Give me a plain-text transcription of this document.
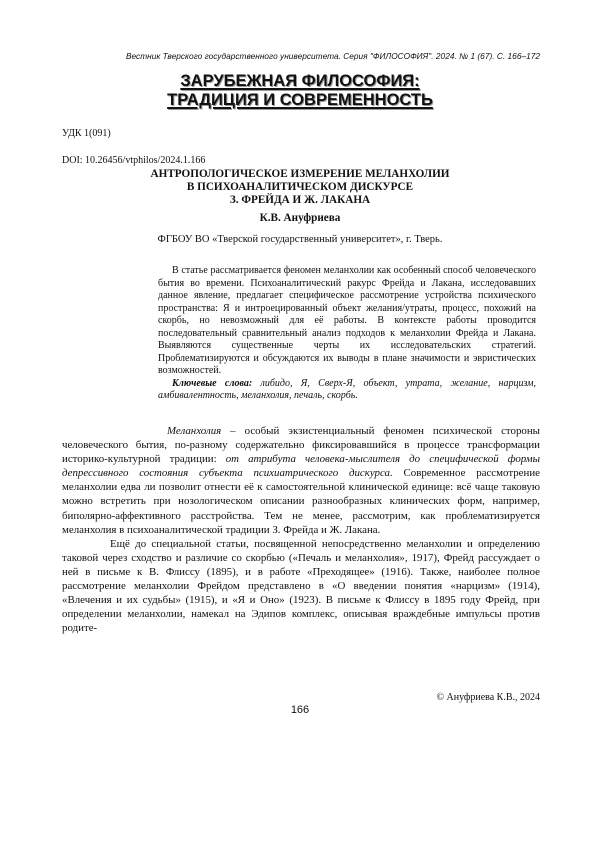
Вестник Тверского государственного университета. Серия "ФИЛОСОФИЯ". 2024. № 1 (67). С. 166–172
ЗАРУБЕЖНАЯ ФИЛОСОФИЯ:
ТРАДИЦИЯ И СОВРЕМЕННОСТЬ
УДК 1(091)
DOI: 10.26456/vtphilos/2024.1.166
АНТРОПОЛОГИЧЕСКОЕ ИЗМЕРЕНИЕ МЕЛАНХОЛИИ
В ПСИХОАНАЛИТИЧЕСКОМ ДИСКУРСЕ
З. ФРЕЙДА И Ж. ЛАКАНА
К.В. Ануфриева
ФГБОУ ВО «Тверской государственный университет», г. Тверь.

В статье рассматривается феномен меланхолии как особенный способ человеческого бытия во времени. Психоаналитический ракурс Фрейда и Лакана, исследовавших данное явление, предлагает специфическое рассмотрение устройства психического пространства: Я и интроецированный объект желания/утраты, процесс, похожий на скорбь, но невозможный для её работы. В контексте работы проводится последовательный сравнительный анализ подходов к меланхолии Фрейда и Лакана. Выявляются существенные черты их исследовательских стратегий. Проблематизируются и обсуждаются их выводы в плане значимости и эвристических возможностей.

Ключевые слова: либидо, Я, Сверх-Я, объект, утрата, желание, нарцизм, амбивалентность, меланхолия, печаль, скорбь.

Меланхолия – особый экзистенциальный феномен психической стороны человеческого бытия, по-разному содержательно фиксировавшийся в процессе трансформации историко-культурной традиции: от атрибута человека-мыслителя до специфической формы депрессивного состояния субъекта психиатрического дискурса. Современное рассмотрение меланхолии едва ли позволит отнести её к самостоятельной клинической единице: всё чаще таковую можно встретить при нозологическом описании разнообразных клинических форм, например, биполярно-аффективного расстройства. Тем не менее, рассмотрим, как проблематизируется меланхолия в психоаналитической традиции З. Фрейда и Ж. Лакана.

Ещё до специальной статьи, посвященной непосредственно меланхолии и определению таковой через сходство и различие со скорбью («Печаль и меланхолия», 1917), Фрейд рассуждает о ней в письме к В. Флиссу (1895), и в работе «Преходящее» (1916). Также, наиболее полное рассмотрение меланхолии Фрейдом представлено в «О введении понятия «нарцизм» (1914), «Влечения и их судьбы» (1915), и «Я и Оно» (1923). В письме к Флиссу в 1895 году Фрейд, при определении меланхолии, намекал на Эдипов комплекс, описывая враждебные импульсы против родите-

© Ануфриева К.В., 2024
166
